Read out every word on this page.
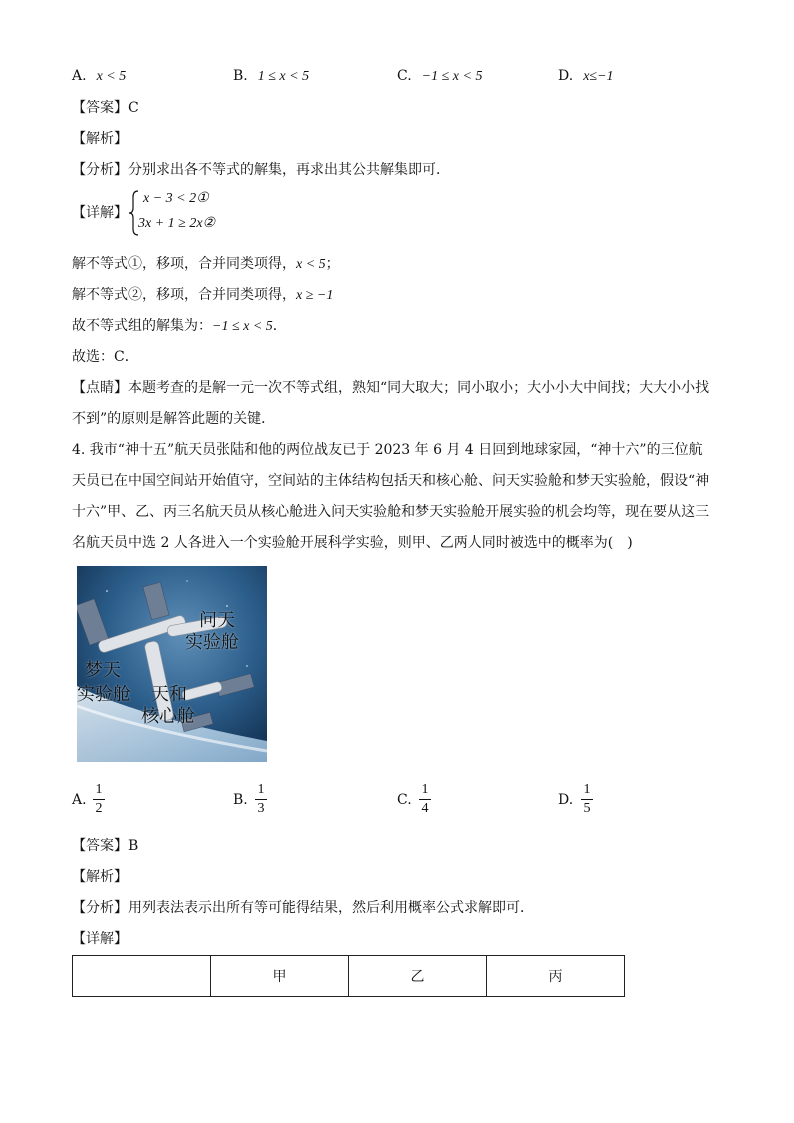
A. x < 5	B. 1 ≤ x < 5	C. −1 ≤ x < 5	D. x≤−1
【答案】C
【解析】
【分析】分别求出各不等式的解集，再求出其公共解集即可．
【详解】
x − 3 < 2①
3x + 1 ≥ 2x②
解不等式①，移项，合并同类项得，x < 5；
解不等式②，移项，合并同类项得，x ≥ −1
故不等式组的解集为：−1 ≤ x < 5．
故选：C．
【点睛】本题考查的是解一元一次不等式组，熟知“同大取大；同小取小；大小小大中间找；大大小小找
不到”的原则是解答此题的关键．
4. 我市“神十五”航天员张陆和他的两位战友已于 2023 年 6 月 4 日回到地球家园，“神十六”的三位航
天员已在中国空间站开始值守，空间站的主体结构包括天和核心舱、问天实验舱和梦天实验舱，假设“神
十六”甲、乙、丙三名航天员从核心舱进入问天实验舱和梦天实验舱开展实验的机会均等，现在要从这三
名航天员中选 2 人各进入一个实验舱开展科学实验，则甲、乙两人同时被选中的概率为(　)
问天
实验舱
梦天
实验舱 天和
核心舱
A.
1
2
B.
1
3
C.
1
4
D.
1
5
【答案】B
【解析】
【分析】用列表法表示出所有等可能得结果，然后利用概率公式求解即可．
【详解】
	甲	乙	丙
